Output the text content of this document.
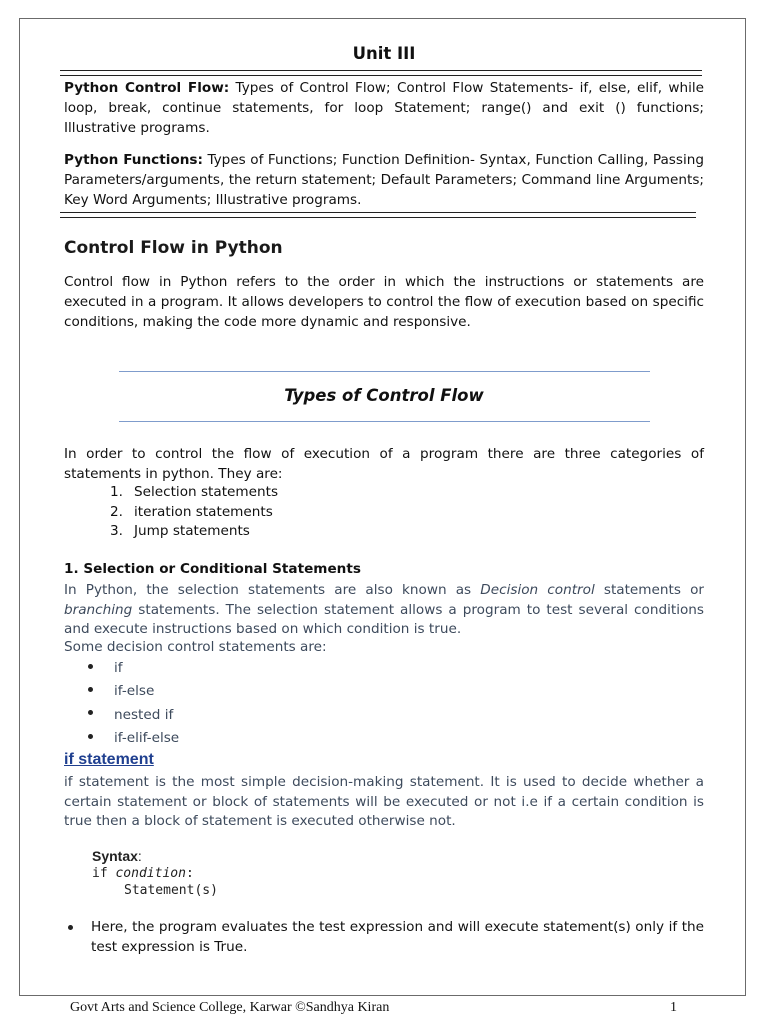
Unit III
Python Control Flow: Types of Control Flow; Control Flow Statements- if, else, elif, while loop, break, continue statements, for loop Statement; range() and exit () functions; Illustrative programs.
Python Functions: Types of Functions; Function Definition- Syntax, Function Calling, Passing Parameters/arguments, the return statement; Default Parameters; Command line Arguments; Key Word Arguments; Illustrative programs.
Control Flow in Python
Control flow in Python refers to the order in which the instructions or statements are executed in a program. It allows developers to control the flow of execution based on specific conditions, making the code more dynamic and responsive.
Types of Control Flow
In order to control the flow of execution of a program there are three categories of statements in python. They are:
1. Selection statements
2. iteration statements
3. Jump statements
1. Selection or Conditional Statements
In Python, the selection statements are also known as Decision control statements or branching statements. The selection statement allows a program to test several conditions and execute instructions based on which condition is true.
Some decision control statements are:
if
if-else
nested if
if-elif-else
if statement
if statement is the most simple decision-making statement. It is used to decide whether a certain statement or block of statements will be executed or not i.e if a certain condition is true then a block of statement is executed otherwise not.
Syntax:
if condition:
Statement(s)
Here, the program evaluates the test expression and will execute statement(s) only if the test expression is True.
Govt Arts and Science College, Karwar ©Sandhya Kiran	1
